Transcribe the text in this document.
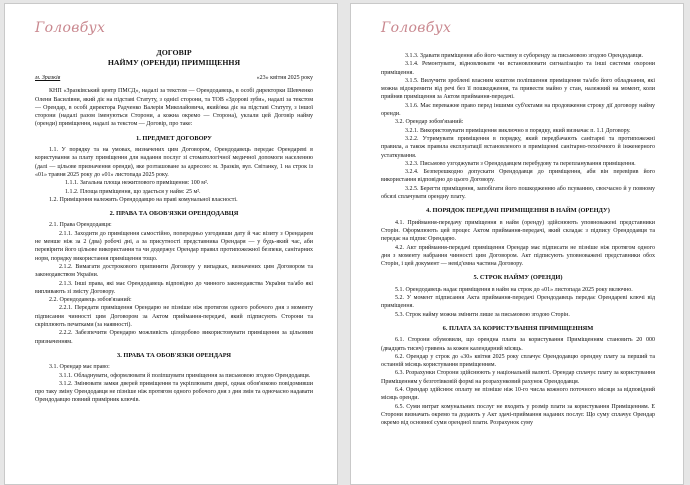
Головбух
ДОГОВІР
НАЙМУ (ОРЕНДИ) ПРИМІЩЕННЯ
м. Зразків	«23» квітня 2025 року

КНП «Зразківський центр ПМСД», надалі за текстом — Орендодавець, в особі директорки Шевченко Олени Василівни, який діє на підставі Статуту, з однієї сторони, та ТОВ «Здорові зуби», надалі за текстом — Орендар, в особі директора Радченко Валерія Миколайовича, який/яка діє на підставі Статуту, з іншої сторони (надалі разом іменуються Сторони, а кожна окремо — Сторона), уклали цей Договір найму (оренди) приміщення, надалі за текстом — Договір, про таке:

1. ПРЕДМЕТ ДОГОВОРУ

1.1. У порядку та на умовах, визначених цим Договором, Орендодавець передає Орендареві в користування за плату приміщення для надання послуг зі стоматологічної медичної допомоги населенню (далі — цільове призначення оренди), яке розташоване за адресою: м. Зразків, вул. Світанку, 1 на строк із «01» травня 2025 року до «01» листопада 2025 року.

1.1.1. Загальна площа нежитлового приміщення: 100 м².

1.1.2. Площа приміщення, що здається у найм: 25 м².

1.2. Приміщення належить Орендодавцю на праві комунальної власності.

2. ПРАВА ТА ОБОВ'ЯЗКИ ОРЕНДОДАВЦЯ

2.1. Права Орендодавця:

2.1.1. Заходити до приміщення самостійно, попередньо узгодивши дату й час візиту з Орендарем не менше ніж за 2 (два) робочі дні, а за присутності представника Орендаря — у будь-який час, аби перевірити його цільове використання та чи додержує Орендар правил протипожежної безпеки, санітарних норм, порядку використання приміщення тощо.

2.1.2. Вимагати дострокового припинити Договору у випадках, визначених цим Договором та законодавством України.

2.1.3. Інші права, які має Орендодавець відповідно до чинного законодавства України та/або які випливають зі змісту Договору.

2.2. Орендодавець зобов'язаний:

2.2.1. Передати приміщення Орендарю не пізніше ніж протягом одного робочого дня з моменту підписання чинності цим Договором за Актом приймання-передачі, який підписують Сторони та скріплюють печатками (за наявності).

2.2.2. Забезпечити Орендарю можливість цілодобово використовувати приміщення за цільовим призначенням.

3. ПРАВА ТА ОБОВ'ЯЗКИ ОРЕНДАРЯ

3.1. Орендар має право:

3.1.1. Обладнувати, оформлювати й поліпшувати приміщення за письмовою згодою Орендодавця.

3.1.2. Змінювати замки дверей приміщення та укріплювати двері, однак обов'язково повідомивши про таку зміну Орендодавця не пізніше ніж протягом одного робочого дня з дня змін та одночасно надавати Орендодавцю повний примірник ключів.

Головбух

3.1.3. Здавати приміщення або його частину в суборенду за письмовою згодою Орендодавця.

3.1.4. Ремонтувати, відновлювати чи встановлювати сигналізацію та інші системи охорони приміщення.

3.1.5. Вилучити зроблені власним коштом поліпшення приміщення та/або його обладнання, які можна відокремити від речі без її пошкодження, та привести майно у стан, належний на момент, коли прийняв приміщення за Актом приймання-передачі.

3.1.6. Має переважне право перед іншими суб'єктами на продовження строку дії договору найму оренди.

3.2. Орендар зобов'язаний:

3.2.1. Використовувати приміщення виключно в порядку, який визначає п. 1.1 Договору.

3.2.2. Утримувати приміщення в порядку, який передбачають санітарні та протипожежні правила, а також правила експлуатації встановленого в приміщенні санітарно-технічного й інженерного устаткування.

3.2.3. Письмово узгоджувати з Орендодавцем перебудову та перепланування приміщення.

3.2.4. Безперешкодно допускати Орендодавця до приміщення, аби він перевірив його використання відповідно до цього Договору.

3.2.5. Берегти приміщення, запобігати його пошкодженню або псуванню, своєчасно й у повному обсязі сплачувати орендну плату.

4. ПОРЯДОК ПЕРЕДАЧІ ПРИМІЩЕННЯ В НАЙМ (ОРЕНДУ)

4.1. Приймання-передачу приміщення в найм (оренду) здійснюють уповноважені представники Сторін. Оформлюють цей процес Актом приймання-передачі, який складає з підпису Орендодавця та передає на підпис Орендарю.

4.2. Акт приймання-передачі приміщення Орендар має підписати не пізніше ніж протягом одного дня з моменту набрання чинності цим Договором. Акт підписують уповноважені представники обох Сторін, і цей документ — невід'ємна частина Договору.

5. СТРОК НАЙМУ (ОРЕНДИ)

5.1. Орендодавець надає приміщення в найм на строк до «01» листопада 2025 року включно.

5.2. У момент підписання Акта приймання-передачі Орендодавець передає Орендареві ключі від приміщення.

5.3. Строк найму можна змінити лише за письмовою згодою Сторін.

6. ПЛАТА ЗА КОРИСТУВАННЯ ПРИМІЩЕННЯМ

6.1. Сторони обумовили, що орендна плата за користування Приміщенням становить 20 000 (двадцять тисяч) гривень за кожен календарний місяць.

6.2. Орендар у строк до «30» квітня 2025 року сплачує Орендодавцю орендну плату за перший та останній місяць користування приміщенням.

6.3. Розрахунки Сторони здійснюють у національній валюті. Орендар сплачує плату за користування Приміщенням у безготівковій формі на розрахунковий рахунок Орендодавця.

6.4. Орендар здійснює оплату не пізніше ніж 10-го числа кожного поточного місяця за відповідний місяць оренди.

6.5. Суми витрат комунальних послуг не входять у розмір плати за користування Приміщенням. Е Сторони визначать окремо та додають у Акт здачі-приймання наданих послуг. Що суму сплачує Орендар окремо від основної суми орендної плати. Розрахунок суму
